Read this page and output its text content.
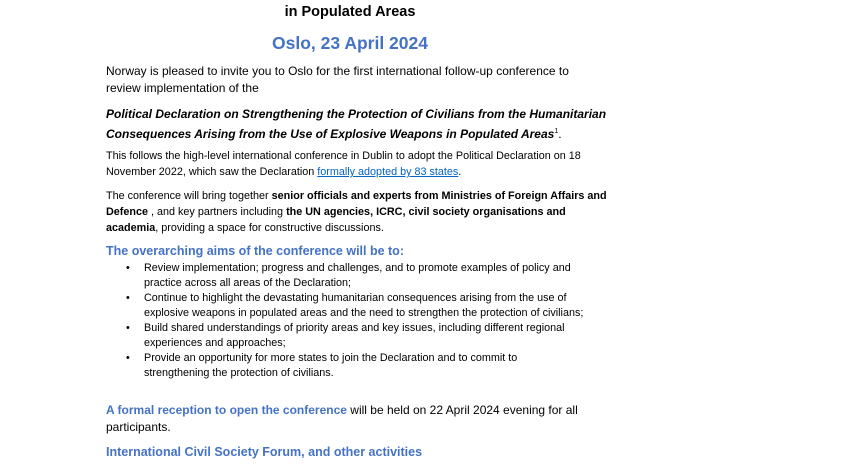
in Populated Areas
Oslo, 23 April 2024
Norway is pleased to invite you to Oslo for the first international follow-up conference to
review implementation of the
Political Declaration on Strengthening the Protection of Civilians from the Humanitarian
Consequences Arising from the Use of Explosive Weapons in Populated Areas$^1$.
This follows the high-level international conference in Dublin to adopt the Political Declaration on 18
November 2022, which saw the Declaration formally adopted by 83 states.
The conference will bring together senior officials and experts from Ministries of Foreign Affairs and
Defence , and key partners including the UN agencies, ICRC, civil society organisations and
academia, providing a space for constructive discussions.
The overarching aims of the conference will be to:
• Review implementation; progress and challenges, and to promote examples of policy and
practice across all areas of the Declaration;
• Continue to highlight the devastating humanitarian consequences arising from the use of
explosive weapons in populated areas and the need to strengthen the protection of civilians;
• Build shared understandings of priority areas and key issues, including different regional
experiences and approaches;
• Provide an opportunity for more states to join the Declaration and to commit to
strengthening the protection of civilians.
A formal reception to open the conference will be held on 22 April 2024 evening for all
participants.
International Civil Society Forum, and other activities
